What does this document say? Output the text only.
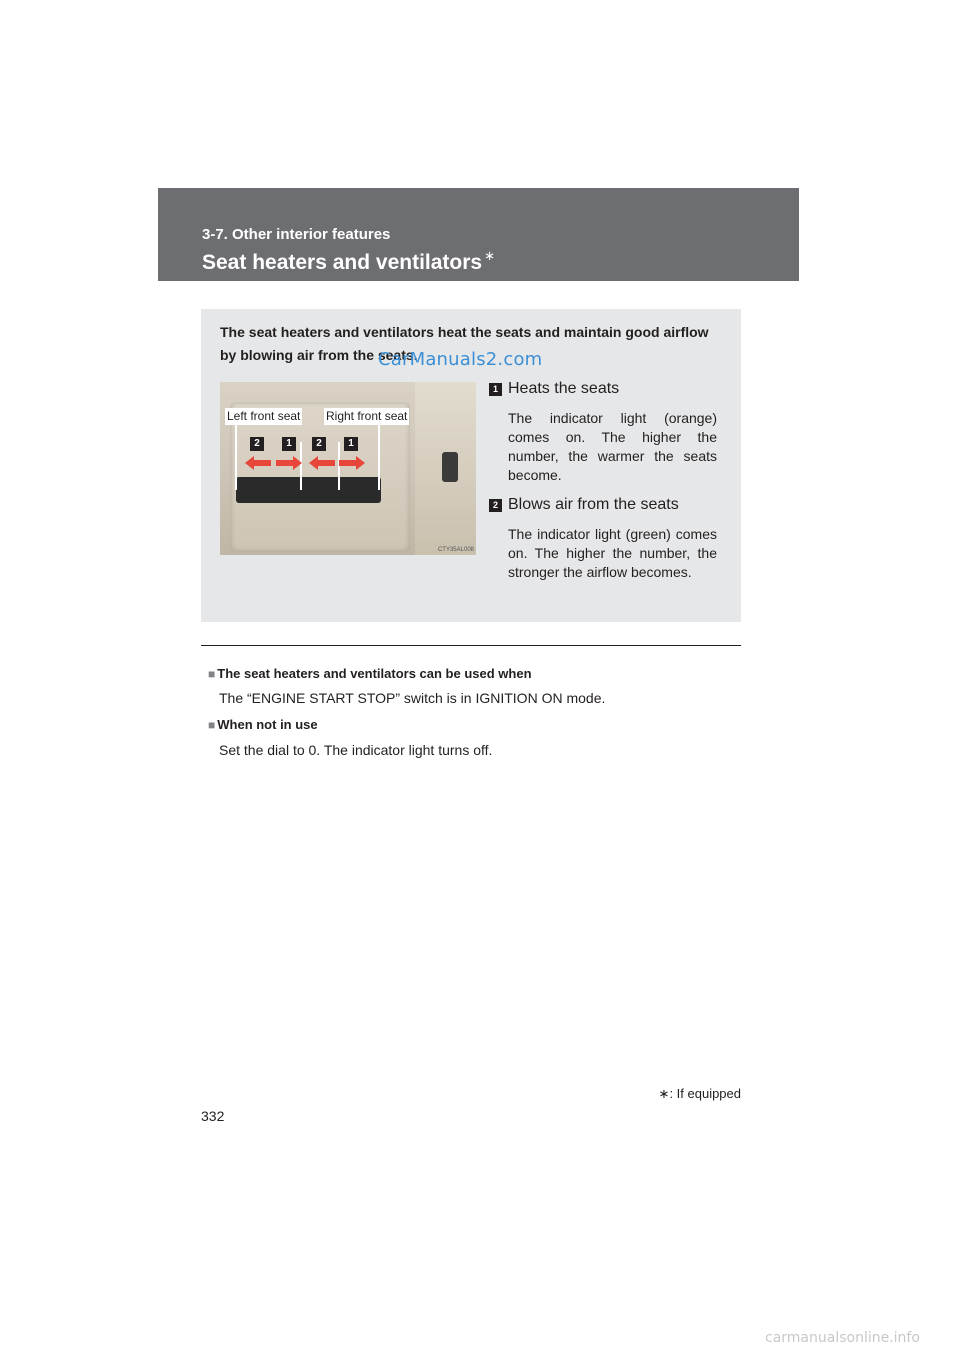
3-7. Other interior features
Seat heaters and ventilators ∗
The seat heaters and ventilators heat the seats and maintain good airflow by blowing air from the seats.
CarManuals2.com
Left front seat Right front seat
2	1	2	1
CTY35AL008
1 Heats the seats
The indicator light (orange) comes on. The higher the number, the warmer the seats become.
2 Blows air from the seats
The indicator light (green) comes on. The higher the number, the stronger the airflow becomes.
■ The seat heaters and ventilators can be used when
The “ENGINE START STOP” switch is in IGNITION ON mode.
■ When not in use
Set the dial to 0. The indicator light turns off.
∗: If equipped
332
carmanualsonline.info
